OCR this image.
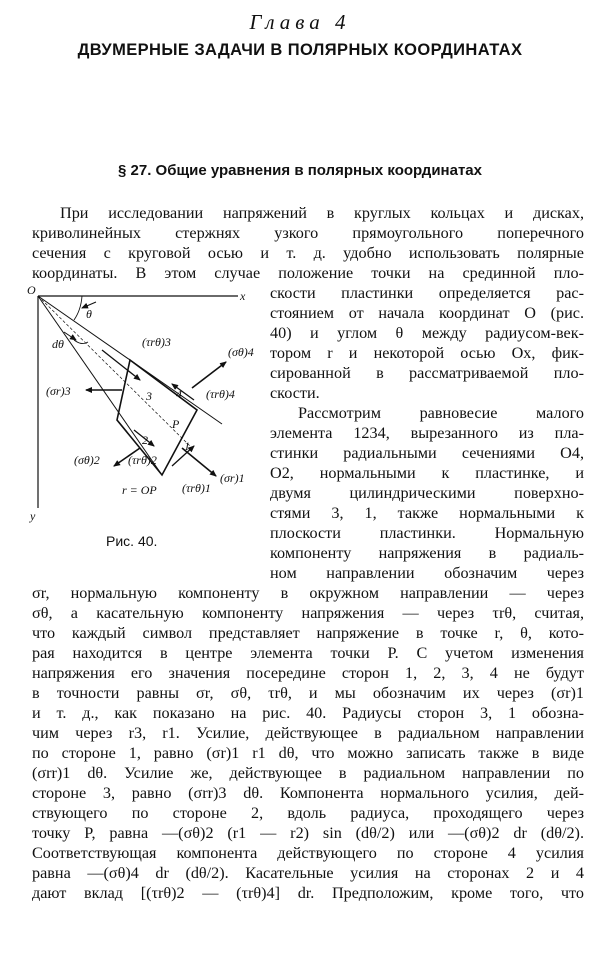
Глава 4
ДВУМЕРНЫЕ ЗАДАЧИ В ПОЛЯРНЫХ КООРДИНАТАХ
§ 27. Общие уравнения в полярных координатах
При исследовании напряжений в круглых кольцах и дисках,
криволинейных стержнях узкого прямоугольного поперечного
сечения с круговой осью и т. д. удобно использовать полярные
координаты. В этом случае положение точки на срединной пло-
скости пластинки определяется рас-
стоянием от начала координат O (рис.
40) и углом θ между радиусом-век-
тором r и некоторой осью Ox, фик-
сированной в рассматриваемой пло-
скости.
Рассмотрим равновесие малого
элемента 1234, вырезанного из пла-
стинки радиальными сечениями O4,
O2, нормальными к пластинке, и
двумя цилиндрическими поверхно-
стями 3, 1, также нормальными к
плоскости пластинки. Нормальную
компоненту напряжения в радиаль-
ном направлении обозначим через
σr, нормальную компоненту в окружном направлении — через
σθ, а касательную компоненту напряжения — через τrθ, считая,
что каждый символ представляет напряжение в точке r, θ, кото-
рая находится в центре элемента точки P. С учетом изменения
напряжения его значения посередине сторон 1, 2, 3, 4 не будут
в точности равны σr, σθ, τrθ, и мы обозначим их через (σr)1
и т. д., как показано на рис. 40. Радиусы сторон 3, 1 обозна-
чим через r3, r1. Усилие, действующее в радиальном направлении
по стороне 1, равно (σr)1 r1 dθ, что можно записать также в виде
(σrr)1 dθ. Усилие же, действующее в радиальном направлении по
стороне 3, равно (σrr)3 dθ. Компонента нормального усилия, дей-
ствующего по стороне 2, вдоль радиуса, проходящего через
точку P, равна —(σθ)2 (r1 — r2) sin (dθ/2) или —(σθ)2 dr (dθ/2).
Соответствующая компонента действующего по стороне 4 усилия
равна —(σθ)4 dr (dθ/2). Касательные усилия на сторонах 2 и 4
дают вклад [(τrθ)2 — (τrθ)4] dr. Предположим, кроме того, что
O	x
y
θ
dθ
P
r = OP
1
2
3 4
(τrθ)3
(τrθ)4
(τrθ)2
(τrθ)1
(σr)3
(σr)1
(σθ)4
(σθ)2
Рис. 40.
